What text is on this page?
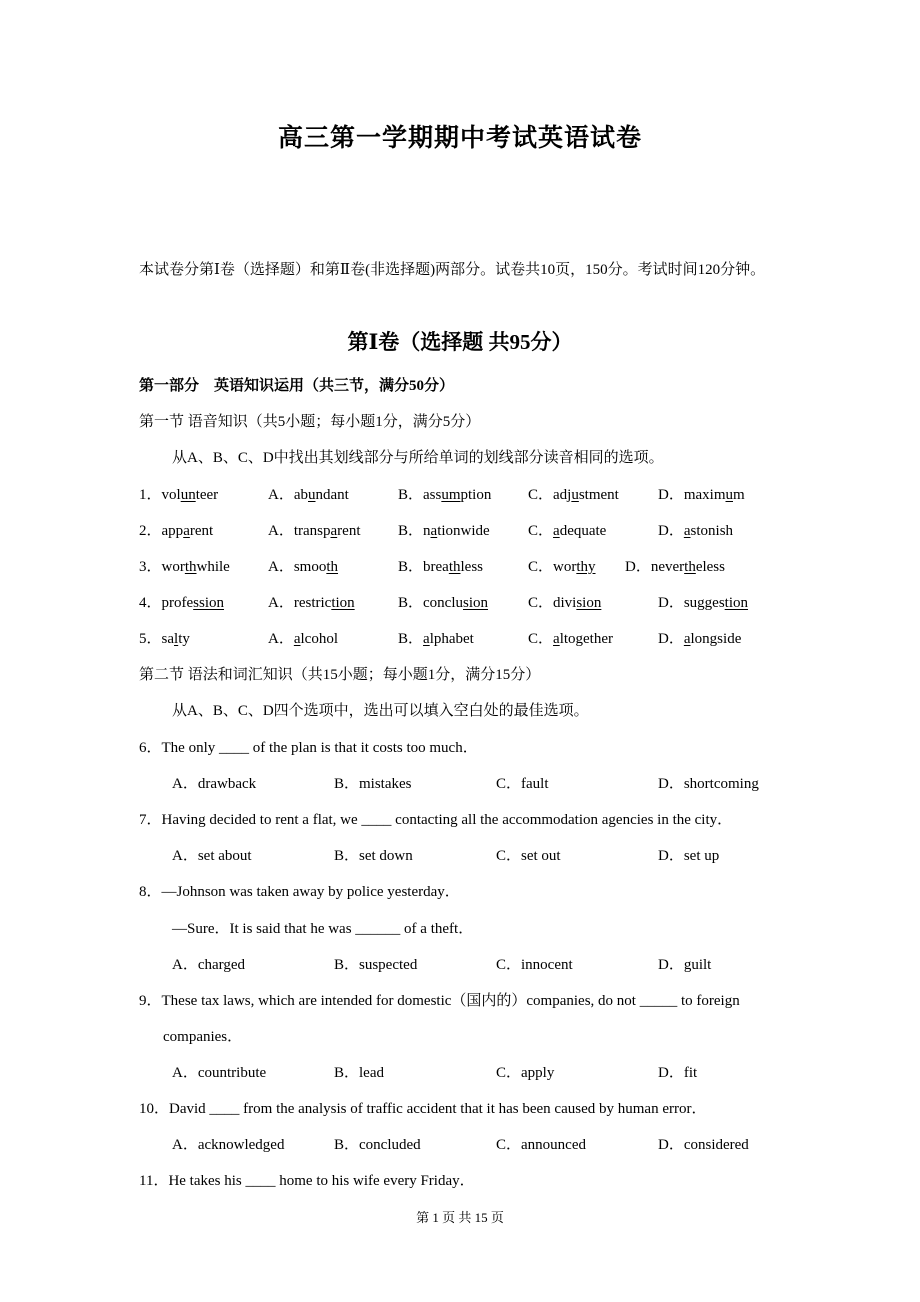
高三第一学期期中考试英语试卷
本试卷分第Ⅰ卷（选择题）和第Ⅱ卷(非选择题)两部分。试卷共10页，150分。考试时间120分钟。
第Ⅰ卷（选择题 共95分）
第一部分　英语知识运用（共三节，满分50分）
第一节 语音知识（共5小题；每小题1分，满分5分）
从A、B、C、D中找出其划线部分与所给单词的划线部分读音相同的选项。
1．volunteer	A．abundant	B．assumption C．adjustment	D．maximum
2．apparent	A．transparent	B．nationwide	C．adequate	D．astonish
3．worthwhile	A．smooth	B．breathless	C．worthy D．nevertheless
4．profession	A．restriction	B．conclusion	C．division	D．suggestion
5．salty	A．alcohol	B．alphabet	C．altogether	D．alongside
第二节 语法和词汇知识（共15小题；每小题1分，满分15分）
从A、B、C、D四个选项中，选出可以填入空白处的最佳选项。
6．The only ____ of the plan is that it costs too much．
A．drawback	B．mistakes	C．fault	D．shortcoming
7．Having decided to rent a flat, we ____ contacting all the accommodation agencies in the city．
A．set about	B．set down	C．set out	D．set up
8．—Johnson was taken away by police yesterday．
—Sure．It is said that he was ______ of a theft．
A．charged	B．suspected	C．innocent	D．guilt
9．These tax laws, which are intended for domestic（国内的）companies, do not _____ to foreign
companies．
A．countribute	B．lead	C．apply	D．fit
10．David ____ from the analysis of traffic accident that it has been caused by human error．
A．acknowledged	B．concluded	C．announced	D．considered
11．He takes his ____ home to his wife every Friday．
第 1 页 共 15 页
